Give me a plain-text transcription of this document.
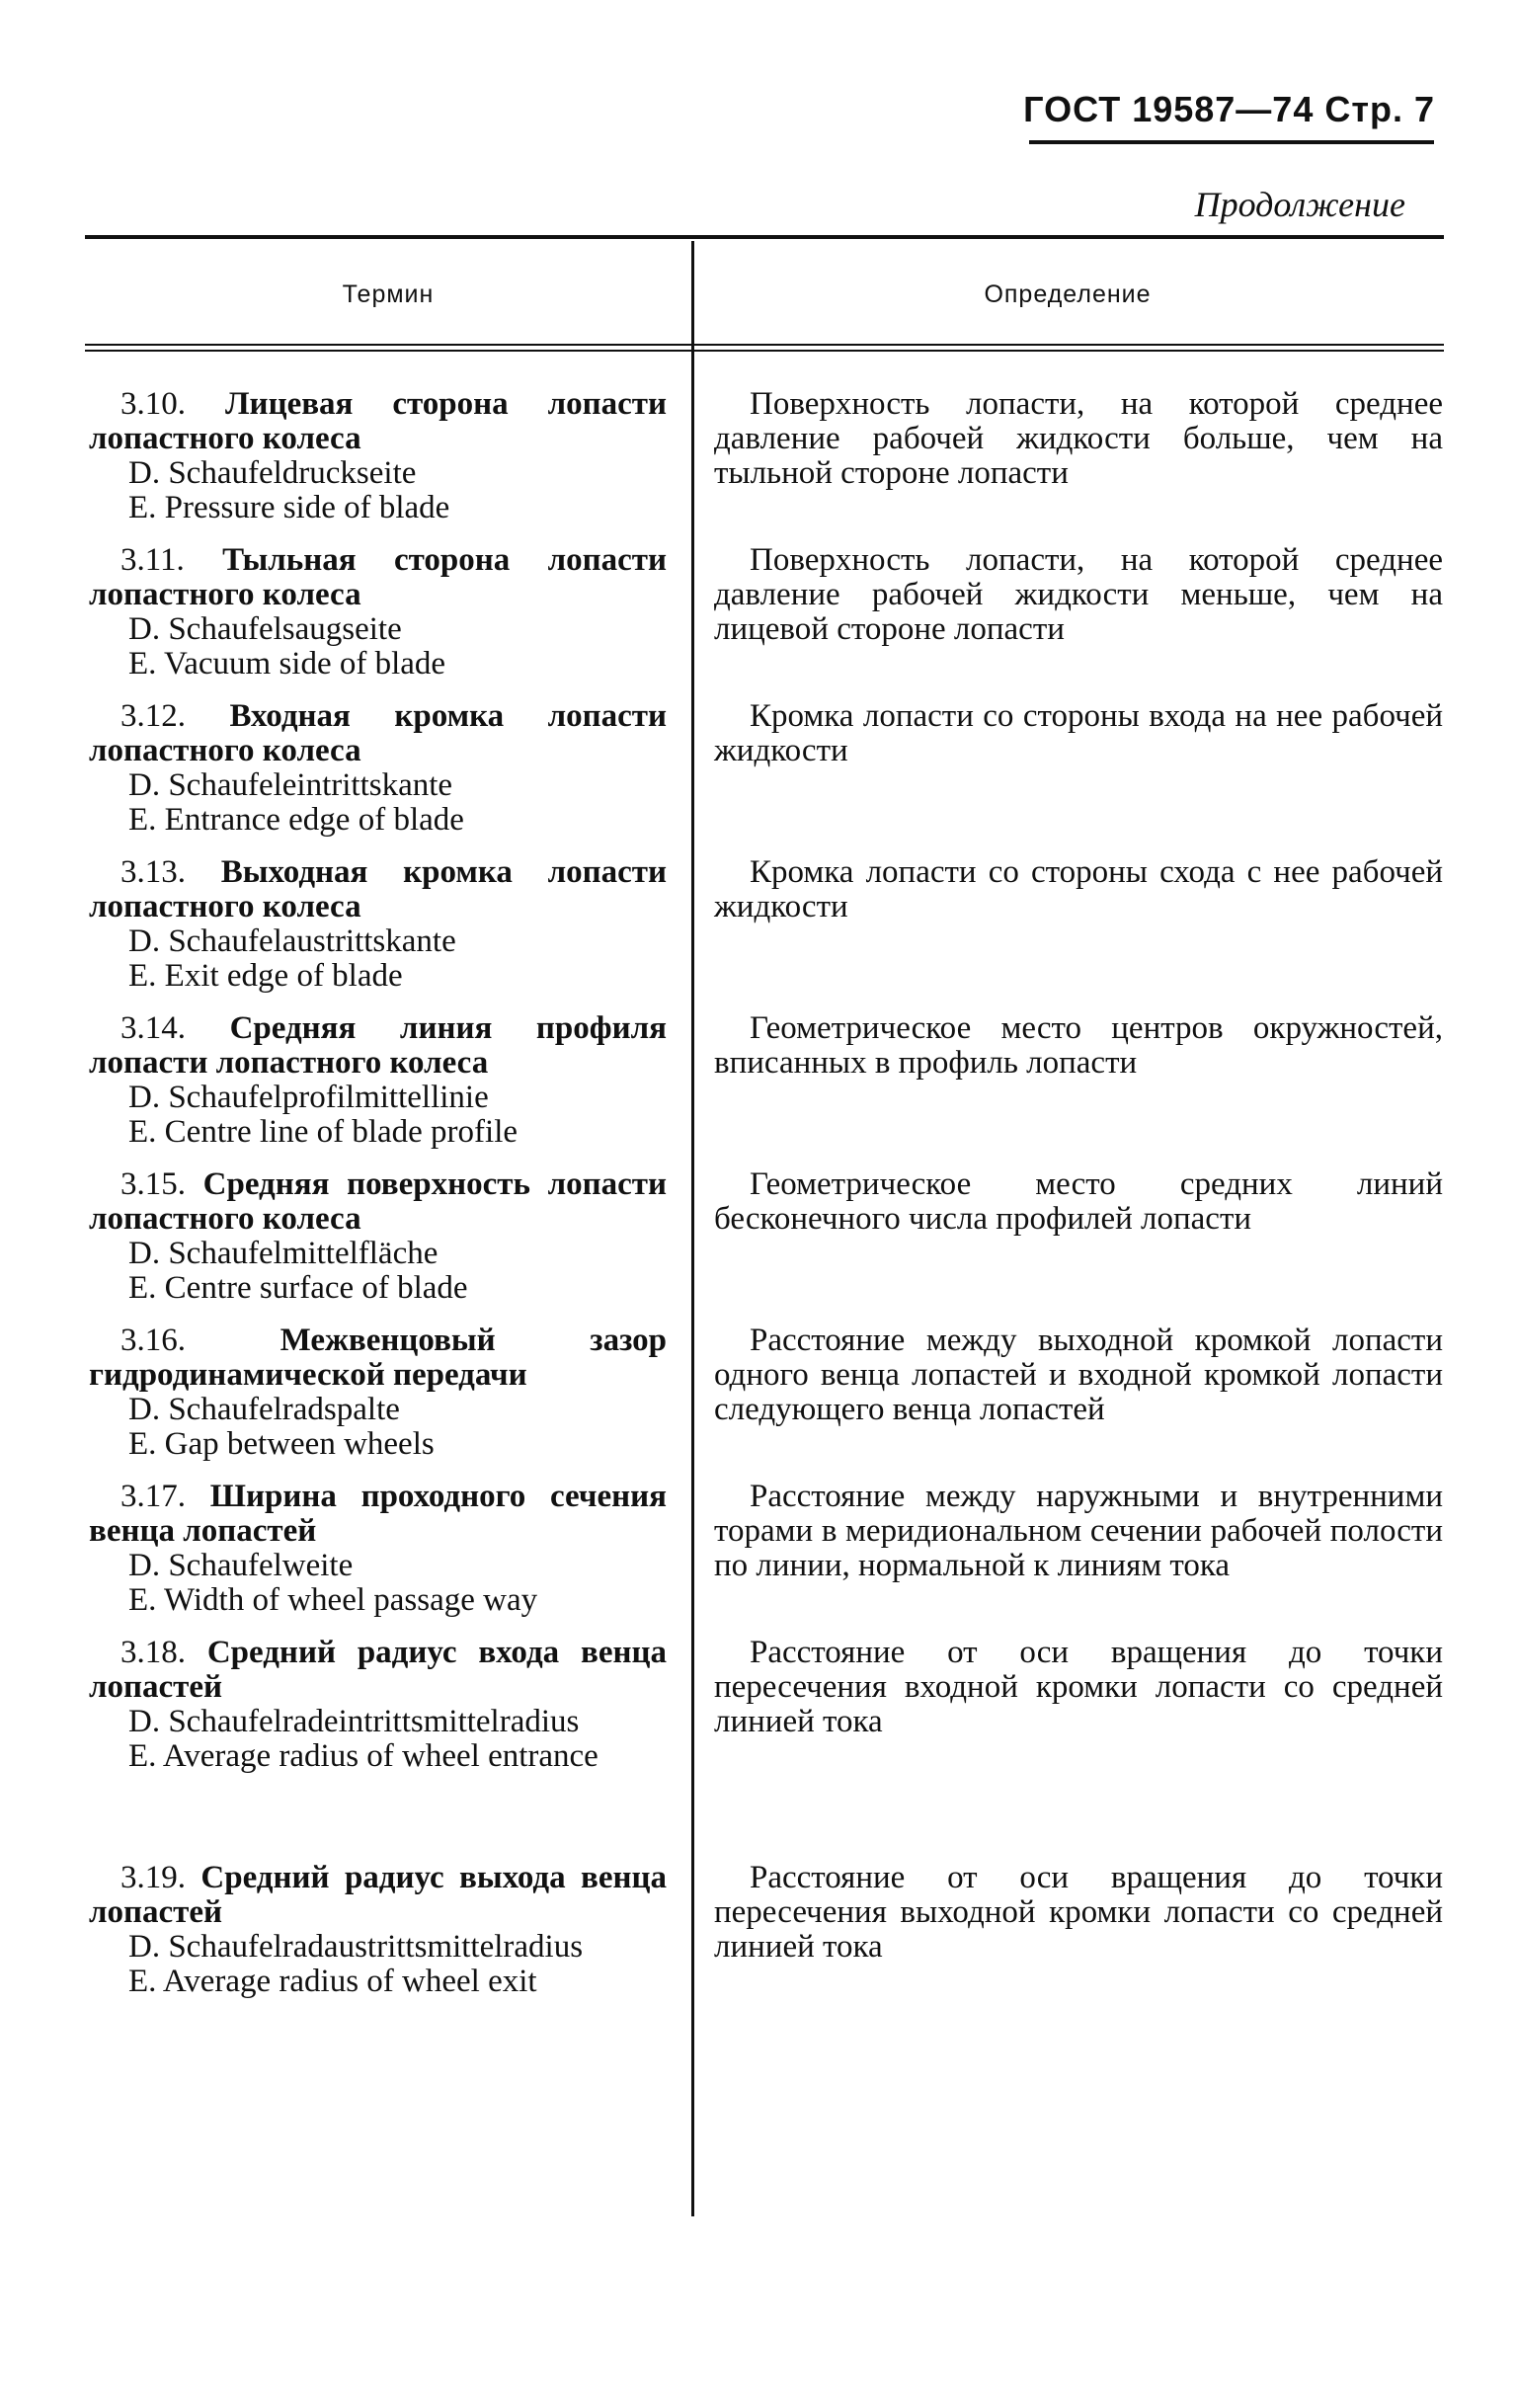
ГОСТ 19587—74 Стр. 7
Продолжение
Термин	Определение
3.10. Лицевая сторона лопасти лопастного колеса
D. Schaufeldruckseite
E. Pressure side of blade
Поверхность лопасти, на которой среднее давление рабочей жидкости больше, чем на тыльной стороне лопасти
3.11. Тыльная сторона лопасти лопастного колеса
D. Schaufelsaugseite
E. Vacuum side of blade
Поверхность лопасти, на которой среднее давление рабочей жидкости меньше, чем на лицевой стороне лопасти
3.12. Входная кромка лопасти лопастного колеса
D. Schaufeleintrittskante
E. Entrance edge of blade
Кромка лопасти со стороны входа на нее рабочей жидкости
3.13. Выходная кромка лопасти лопастного колеса
D. Schaufelaustrittskante
E. Exit edge of blade
Кромка лопасти со стороны схода с нее рабочей жидкости
3.14. Средняя линия профиля лопасти лопастного колеса
D. Schaufelprofilmittellinie
E. Centre line of blade profile
Геометрическое место центров окружностей, вписанных в профиль лопасти
3.15. Средняя поверхность лопасти лопастного колеса
D. Schaufelmittelfläche
E. Centre surface of blade
Геометрическое место средних линий бесконечного числа профилей лопасти
3.16.	Межвенцовый зазор гидродинамической передачи
D. Schaufelradspalte
E. Gap between wheels
Расстояние между выходной кромкой лопасти одного венца лопастей и входной кромкой лопасти следующего венца лопастей
3.17. Ширина проходного сечения венца лопастей
D. Schaufelweite
E. Width of wheel passage way
Расстояние между наружными и внутренними торами в меридиональном сечении рабочей полости по линии, нормальной к линиям тока
3.18. Средний радиус входа венца лопастей
D. Schaufelradeintrittsmittelradius
E. Average radius of wheel entrance
Расстояние от оси вращения до точки пересечения входной кромки лопасти со средней линией тока
3.19. Средний радиус выхода венца лопастей
D. Schaufelradaustrittsmittelradius
E. Average radius of wheel exit
Расстояние от оси вращения до точки пересечения выходной кромки лопасти со средней линией тока
